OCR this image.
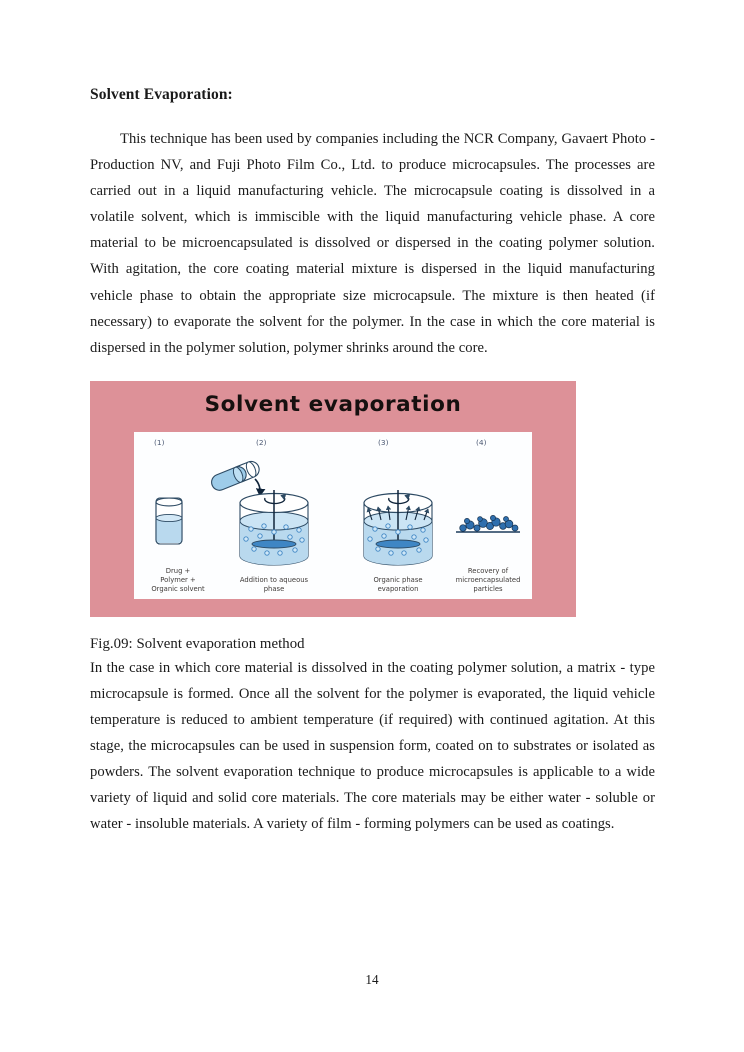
Solvent Evaporation:

This technique has been used by companies including the NCR Company, Gavaert Photo - Production NV, and Fuji Photo Film Co., Ltd. to produce microcapsules. The processes are carried out in a liquid manufacturing vehicle. The microcapsule coating is dissolved in a volatile solvent, which is immiscible with the liquid manufacturing vehicle phase. A core material to be microencapsulated is dissolved or dispersed in the coating polymer solution. With agitation, the core coating material mixture is dispersed in the liquid manufacturing vehicle phase to obtain the appropriate size microcapsule. The mixture is then heated (if necessary) to evaporate the solvent for the polymer. In the case in which the core material is dispersed in the polymer solution, polymer shrinks around the core.

Solvent evaporation
(1)	(2)	(3)	(4)
Drug +
Polymer +
Organic solvent
Addition to aqueous
phase
Organic phase
evaporation
Recovery of
microencapsulated
particles
Fig.09: Solvent evaporation method

In the case in which core material is dissolved in the coating polymer solution, a matrix - type microcapsule is formed. Once all the solvent for the polymer is evaporated, the liquid vehicle temperature is reduced to ambient temperature (if required) with continued agitation. At this stage, the microcapsules can be used in suspension form, coated on to substrates or isolated as powders. The solvent evaporation technique to produce microcapsules is applicable to a wide variety of liquid and solid core materials. The core materials may be either water - soluble or water - insoluble materials. A variety of film - forming polymers can be used as coatings.

14
